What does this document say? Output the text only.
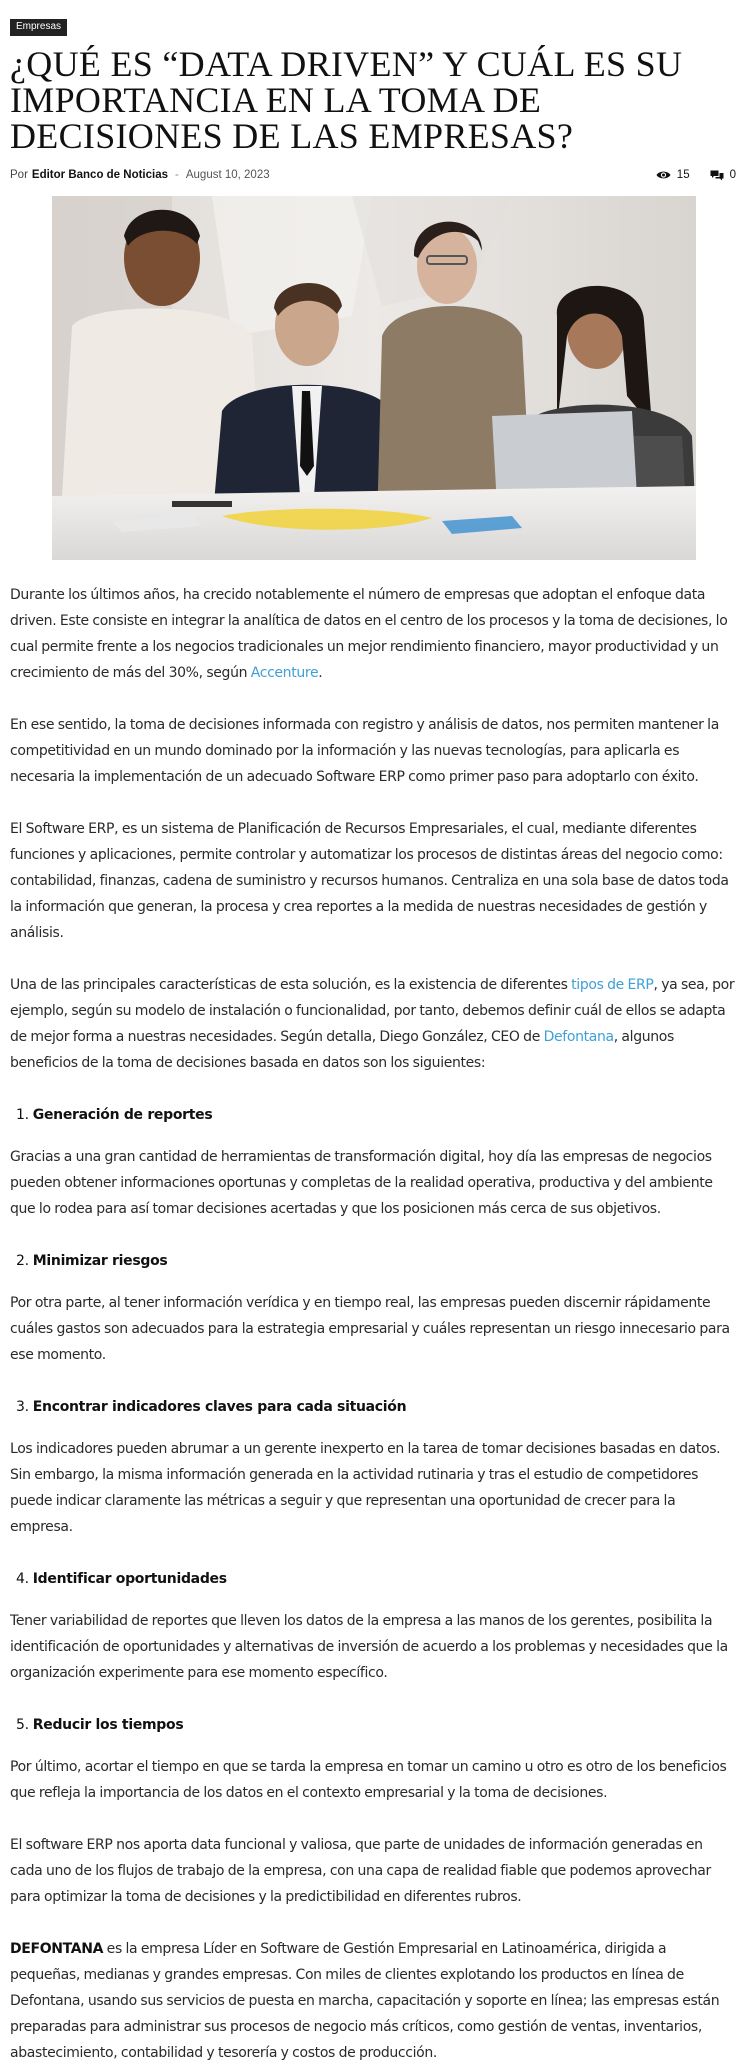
Empresas
¿QUÉ ES “DATA DRIVEN” Y CUÁL ES SU IMPORTANCIA EN LA TOMA DE DECISIONES DE LAS EMPRESAS?
Por Editor Banco de Noticias - August 10, 2023	15	0

Durante los últimos años, ha crecido notablemente el número de empresas que adoptan el enfoque data driven. Este consiste en integrar la analítica de datos en el centro de los procesos y la toma de decisiones, lo cual permite frente a los negocios tradicionales un mejor rendimiento financiero, mayor productividad y un crecimiento de más del 30%, según Accenture.

En ese sentido, la toma de decisiones informada con registro y análisis de datos, nos permiten mantener la competitividad en un mundo dominado por la información y las nuevas tecnologías, para aplicarla es necesaria la implementación de un adecuado Software ERP como primer paso para adoptarlo con éxito.

El Software ERP, es un sistema de Planificación de Recursos Empresariales, el cual, mediante diferentes funciones y aplicaciones, permite controlar y automatizar los procesos de distintas áreas del negocio como: contabilidad, finanzas, cadena de suministro y recursos humanos. Centraliza en una sola base de datos toda la información que generan, la procesa y crea reportes a la medida de nuestras necesidades de gestión y análisis.

Una de las principales características de esta solución, es la existencia de diferentes tipos de ERP, ya sea, por ejemplo, según su modelo de instalación o funcionalidad, por tanto, debemos definir cuál de ellos se adapta de mejor forma a nuestras necesidades. Según detalla, Diego González, CEO de Defontana, algunos beneficios de la toma de decisiones basada en datos son los siguientes:

1. Generación de reportes

Gracias a una gran cantidad de herramientas de transformación digital, hoy día las empresas de negocios pueden obtener informaciones oportunas y completas de la realidad operativa, productiva y del ambiente que lo rodea para así tomar decisiones acertadas y que los posicionen más cerca de sus objetivos.

2. Minimizar riesgos

Por otra parte, al tener información verídica y en tiempo real, las empresas pueden discernir rápidamente cuáles gastos son adecuados para la estrategia empresarial y cuáles representan un riesgo innecesario para ese momento.

3. Encontrar indicadores claves para cada situación

Los indicadores pueden abrumar a un gerente inexperto en la tarea de tomar decisiones basadas en datos. Sin embargo, la misma información generada en la actividad rutinaria y tras el estudio de competidores puede indicar claramente las métricas a seguir y que representan una oportunidad de crecer para la empresa.

4. Identificar oportunidades

Tener variabilidad de reportes que lleven los datos de la empresa a las manos de los gerentes, posibilita la identificación de oportunidades y alternativas de inversión de acuerdo a los problemas y necesidades que la organización experimente para ese momento específico.

5. Reducir los tiempos

Por último, acortar el tiempo en que se tarda la empresa en tomar un camino u otro es otro de los beneficios que refleja la importancia de los datos en el contexto empresarial y la toma de decisiones.

El software ERP nos aporta data funcional y valiosa, que parte de unidades de información generadas en cada uno de los flujos de trabajo de la empresa, con una capa de realidad fiable que podemos aprovechar para optimizar la toma de decisiones y la predictibilidad en diferentes rubros.

DEFONTANA es la empresa Líder en Software de Gestión Empresarial en Latinoamérica, dirigida a pequeñas, medianas y grandes empresas. Con miles de clientes explotando los productos en línea de Defontana, usando sus servicios de puesta en marcha, capacitación y soporte en línea; las empresas están preparadas para administrar sus procesos de negocio más críticos, como gestión de ventas, inventarios, abastecimiento, contabilidad y tesorería y costos de producción.
